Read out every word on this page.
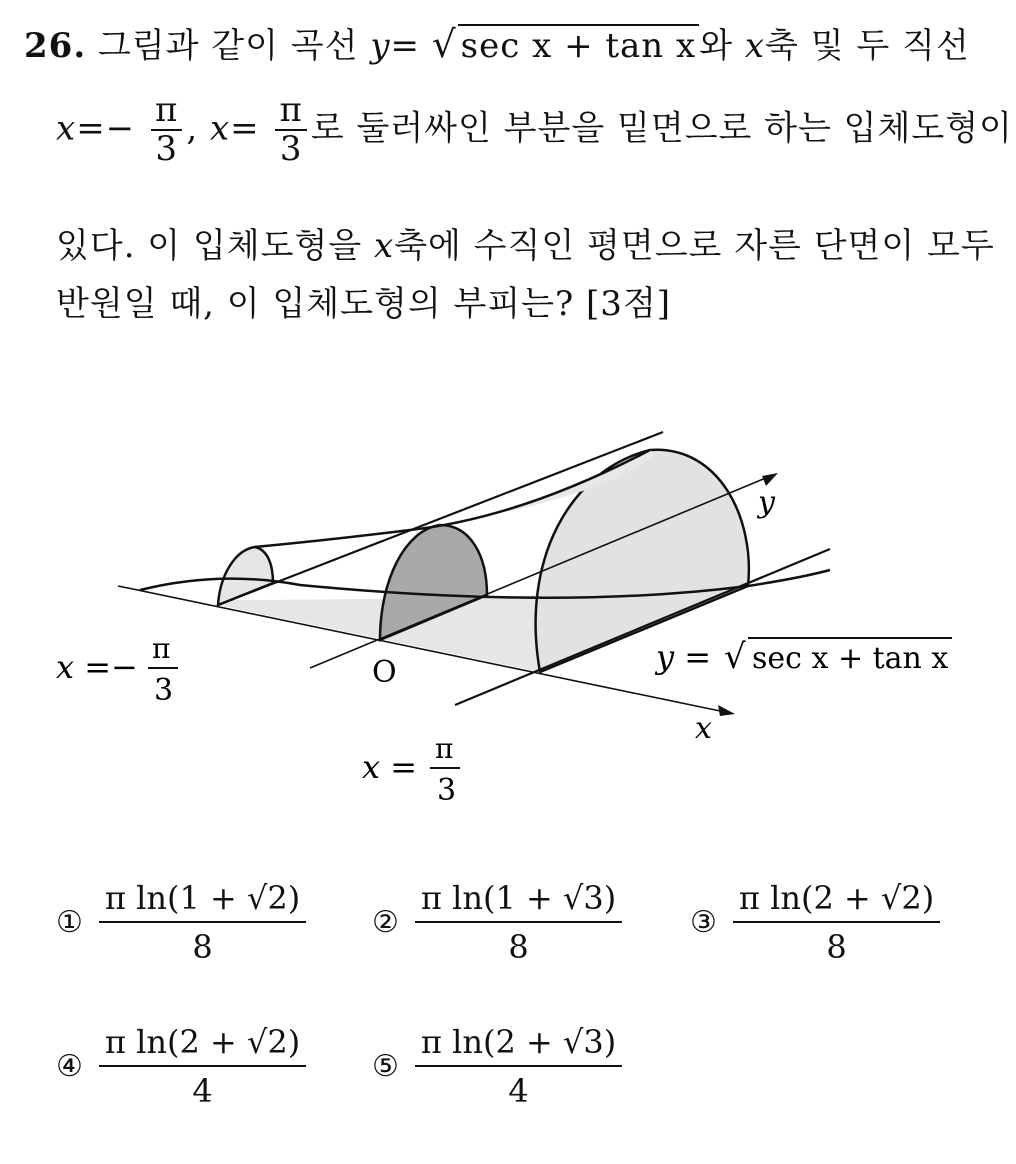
26. 그림과 같이 곡선 y= √ sec x + tan x와 x축 및 두 직선
$x=- \frac{\pi}{3}$ , $x= \frac{\pi}{3}$ 로 둘러싸인 부분을 밑면으로 하는 입체도형이
있다. 이 입체도형을 x축에 수직인 평면으로 자른 단면이 모두
반원일 때, 이 입체도형의 부피는? [3점]
y
x
O
x =− π
3
x = π
3
y = √ sec x + tan x
① $\frac{\text{π ln(1 + √2)}}{8}$ ② $\frac{\text{π ln(1 + √3)}}{8}$ ③ $\frac{\text{π ln(2 + √2)}}{8}$
④ $\frac{\text{π ln(2 + √2)}}{4}$ ⑤ $\frac{\text{π ln(2 + √3)}}{4}$
